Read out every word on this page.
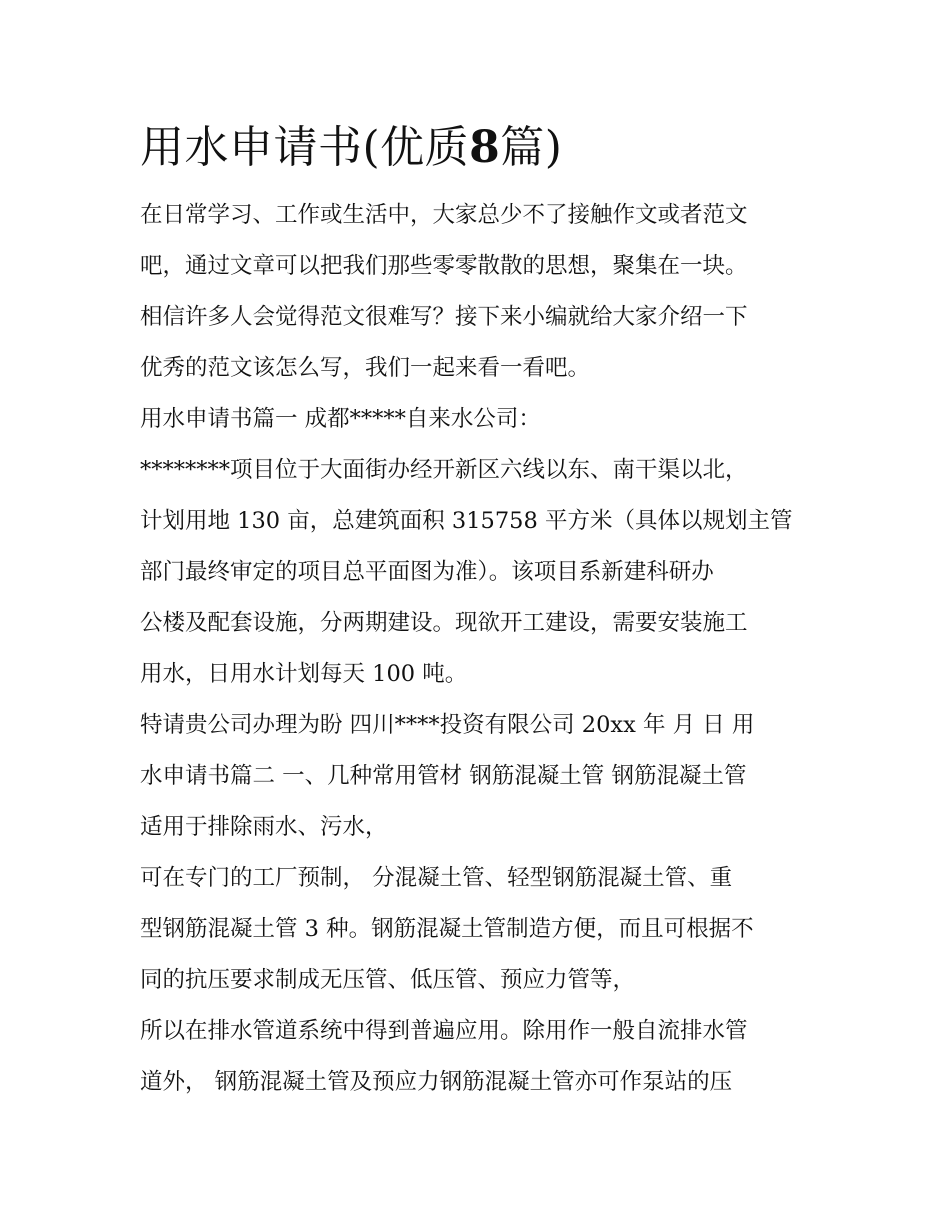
用水申请书(优质8篇)
在日常学习、工作或生活中，大家总少不了接触作文或者范文
吧，通过文章可以把我们那些零零散散的思想，聚集在一块。
相信许多人会觉得范文很难写？接下来小编就给大家介绍一下
优秀的范文该怎么写，我们一起来看一看吧。
用水申请书篇一 成都*****自来水公司：
********项目位于大面街办经开新区六线以东、南干渠以北，
计划用地 130 亩，总建筑面积 315758 平方米（具体以规划主管
部门最终审定的项目总平面图为准）。该项目系新建科研办
公楼及配套设施，分两期建设。现欲开工建设，需要安装施工
用水，日用水计划每天 100 吨。
特请贵公司办理为盼 四川****投资有限公司 20xx 年 月 日 用
水申请书篇二 一、几种常用管材 钢筋混凝土管 钢筋混凝土管
适用于排除雨水、污水，
可在专门的工厂预制， 分混凝土管、轻型钢筋混凝土管、重
型钢筋混凝土管 3 种。钢筋混凝土管制造方便，而且可根据不
同的抗压要求制成无压管、低压管、预应力管等，
所以在排水管道系统中得到普遍应用。除用作一般自流排水管
道外， 钢筋混凝土管及预应力钢筋混凝土管亦可作泵站的压
